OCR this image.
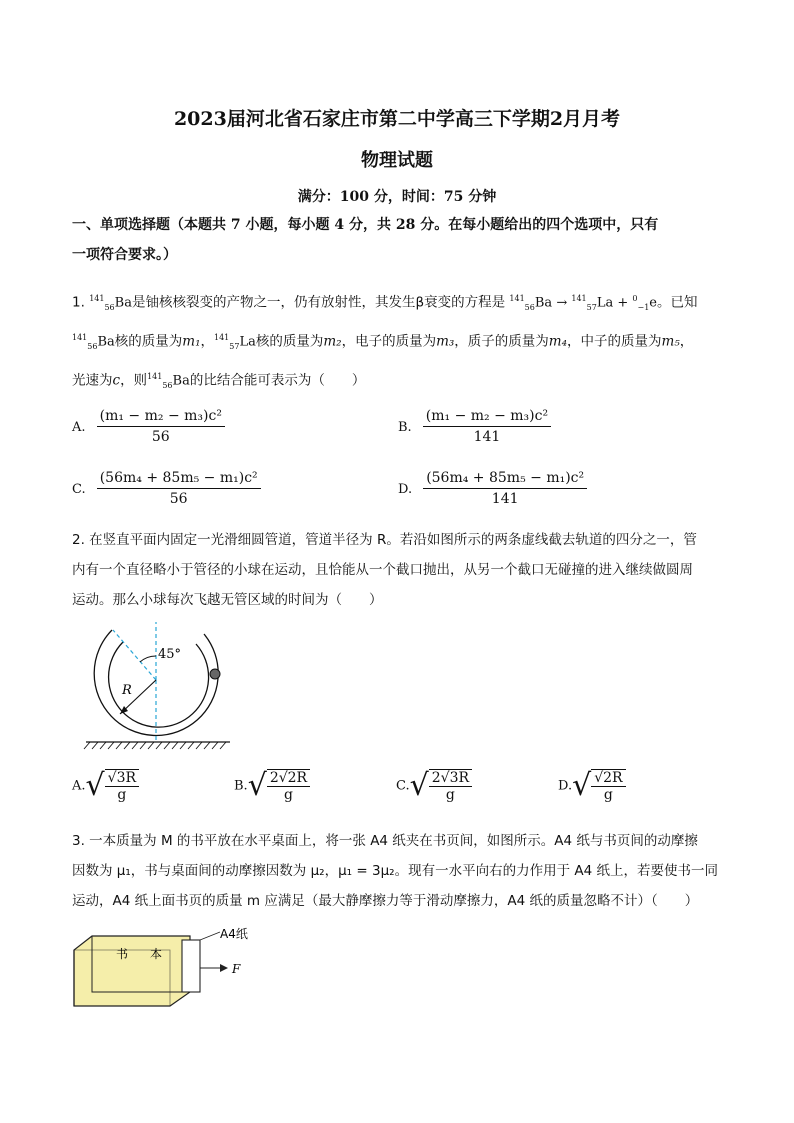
2023届河北省石家庄市第二中学高三下学期2月月考
物理试题
满分：100 分，时间：75 分钟
一、单项选择题（本题共 7 小题，每小题 4 分，共 28 分。在每小题给出的四个选项中，只有
一项符合要求。）
1. $^{141}_{56}$Ba是铀核核裂变的产物之一，仍有放射性，其发生β衰变的方程是 $^{141}_{56}$Ba → $^{141}_{57}$La + $^0_{-1}$e。已知
$^{141}_{56}$Ba核的质量为m₁，$^{141}_{57}$La核的质量为m₂，电子的质量为m₃，质子的质量为m₄，中子的质量为m₅，
光速为c，则$^{141}_{56}$Ba的比结合能可表示为（　　）
A. $\frac{\text{(m₁ − m₂ − m₃)c²}}{56}$	B. $\frac{\text{(m₁ − m₂ − m₃)c²}}{141}$
C. $\frac{\text{(56m₄ + 85m₅ − m₁)c²}}{56}$	D. $\frac{\text{(56m₄ + 85m₅ − m₁)c²}}{141}$
2. 在竖直平面内固定一光滑细圆管道，管道半径为 R。若沿如图所示的两条虚线截去轨道的四分之一，管
内有一个直径略小于管径的小球在运动，且恰能从一个截口抛出，从另一个截口无碰撞的进入继续做圆周
运动。那么小球每次飞越无管区域的时间为（　　）
45°
R
$A.√ \frac{√3R}{g}$	$B.√ \frac{2√2R}{g}$	$C.√ \frac{2√3R}{g}$	$D.√ \frac{√2R}{g}$
3. 一本质量为 M 的书平放在水平桌面上，将一张 A4 纸夹在书页间，如图所示。A4 纸与书页间的动摩擦
因数为 μ₁，书与桌面间的动摩擦因数为 μ₂，μ₁ = 3μ₂。现有一水平向右的力作用于 A4 纸上，若要使书一同
运动，A4 纸上面书页的质量 m 应满足（最大静摩擦力等于滑动摩擦力，A4 纸的质量忽略不计）（　　）
A4纸
F
书 本
